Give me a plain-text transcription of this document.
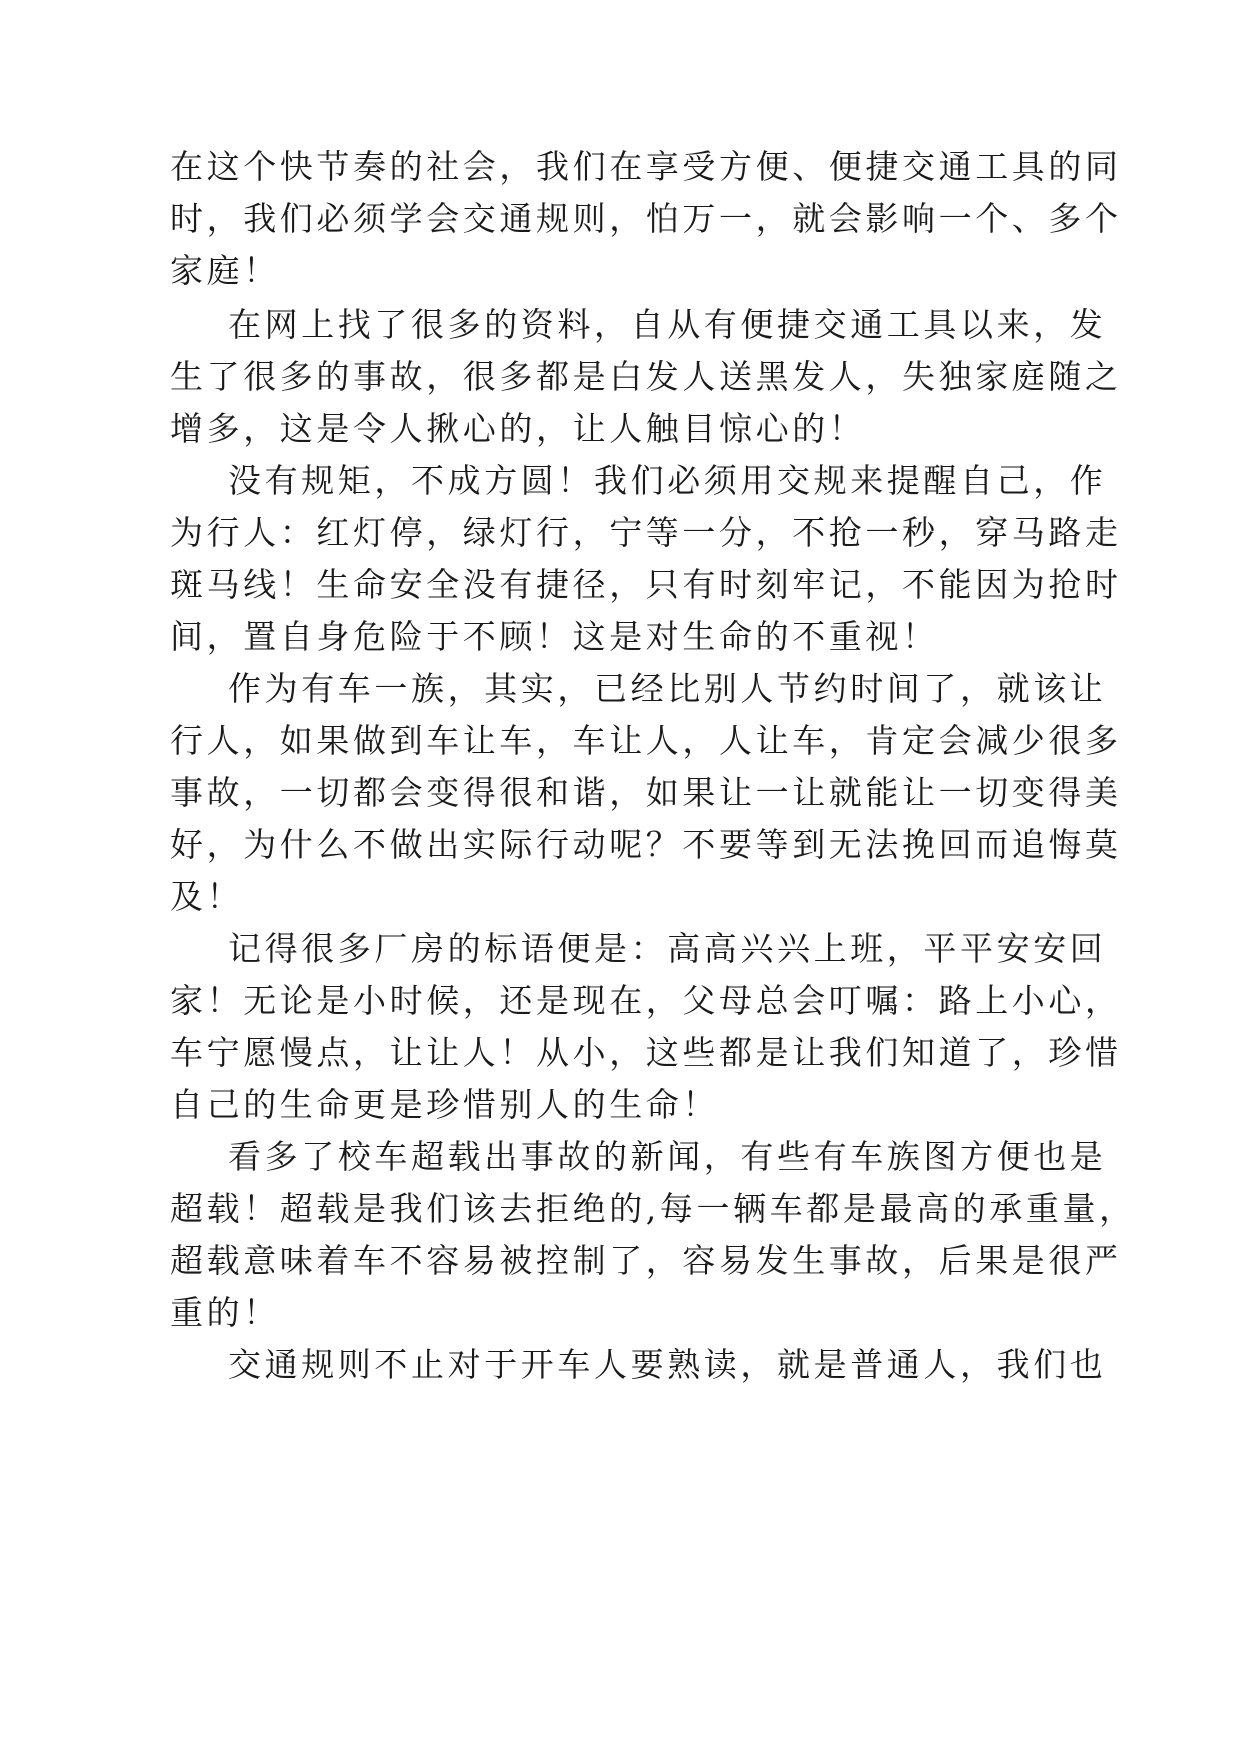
在这个快节奏的社会，我们在享受方便、便捷交通工具的同
时，我们必须学会交通规则，怕万一，就会影响一个、多个
家庭！
在网上找了很多的资料，自从有便捷交通工具以来，发
生了很多的事故，很多都是白发人送黑发人，失独家庭随之
增多，这是令人揪心的，让人触目惊心的！
没有规矩，不成方圆！我们必须用交规来提醒自己，作
为行人：红灯停，绿灯行，宁等一分，不抢一秒，穿马路走
斑马线！生命安全没有捷径，只有时刻牢记，不能因为抢时
间，置自身危险于不顾！这是对生命的不重视！
作为有车一族，其实，已经比别人节约时间了，就该让
行人，如果做到车让车，车让人，人让车，肯定会减少很多
事故，一切都会变得很和谐，如果让一让就能让一切变得美
好，为什么不做出实际行动呢？不要等到无法挽回而追悔莫
及！
记得很多厂房的标语便是：高高兴兴上班，平平安安回
家！无论是小时候，还是现在，父母总会叮嘱：路上小心，
车宁愿慢点，让让人！从小，这些都是让我们知道了，珍惜
自己的生命更是珍惜别人的生命！
看多了校车超载出事故的新闻，有些有车族图方便也是
超载！超载是我们该去拒绝的,每一辆车都是最高的承重量，
超载意味着车不容易被控制了，容易发生事故，后果是很严
重的！
交通规则不止对于开车人要熟读，就是普通人，我们也
